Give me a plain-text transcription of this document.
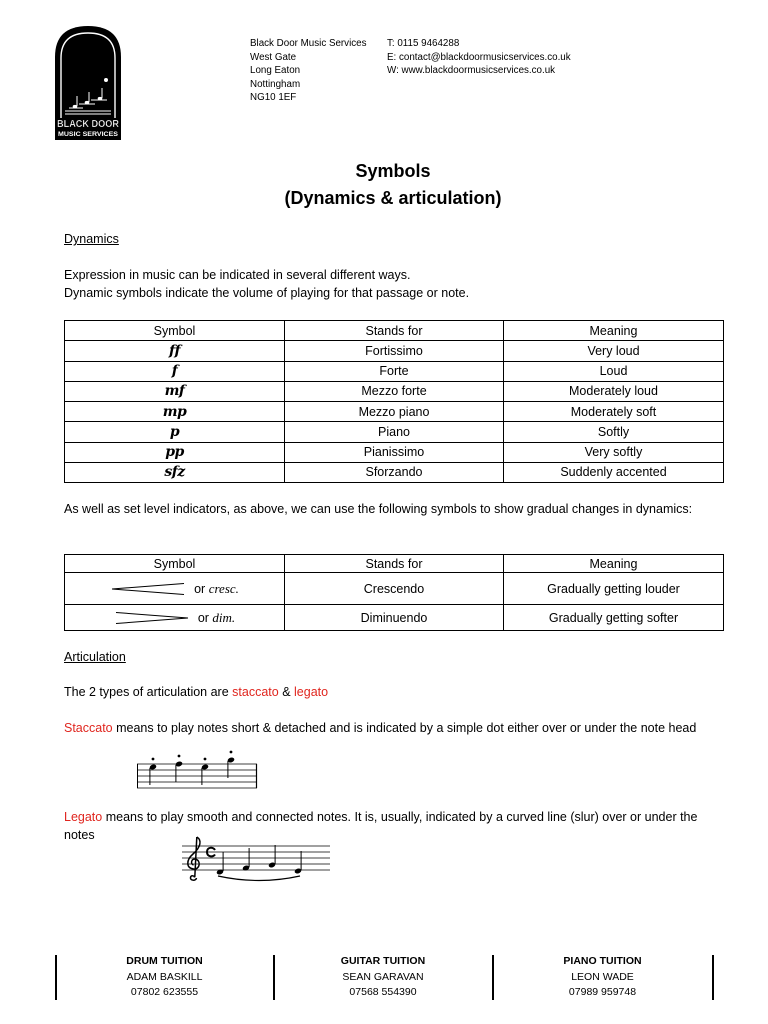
BLACK DOOR
MUSIC SERVICES
Black Door Music Services
West Gate
Long Eaton
Nottingham
NG10 1EF
T: 0115 9464288
E: contact@blackdoormusicservices.co.uk
W: www.blackdoormusicservices.co.uk
Symbols
(Dynamics & articulation)
Dynamics
Expression in music can be indicated in several different ways.
Dynamic symbols indicate the volume of playing for that passage or note.
Symbol	Stands for	Meaning
ff	Fortissimo	Very loud
f	Forte	Loud
mf	Mezzo forte	Moderately loud
mp	Mezzo piano	Moderately soft
p	Piano	Softly
pp	Pianissimo	Very softly
sfz	Sforzando	Suddenly accented
As well as set level indicators, as above, we can use the following symbols to show gradual changes in dynamics:
Symbol	Stands for	Meaning

or cresc.	Crescendo	Gradually getting louder

or dim.	Diminuendo	Gradually getting softer
Articulation
The 2 types of articulation are staccato & legato
Staccato means to play notes short & detached and is indicated by a simple dot either over or under the note head
Legato means to play smooth and connected notes. It is, usually, indicated by a curved line (slur) over or under the notes
DRUM TUITION
ADAM BASKILL
07802 623555
GUITAR TUITION
SEAN GARAVAN
07568 554390
PIANO TUITION
LEON WADE
07989 959748
